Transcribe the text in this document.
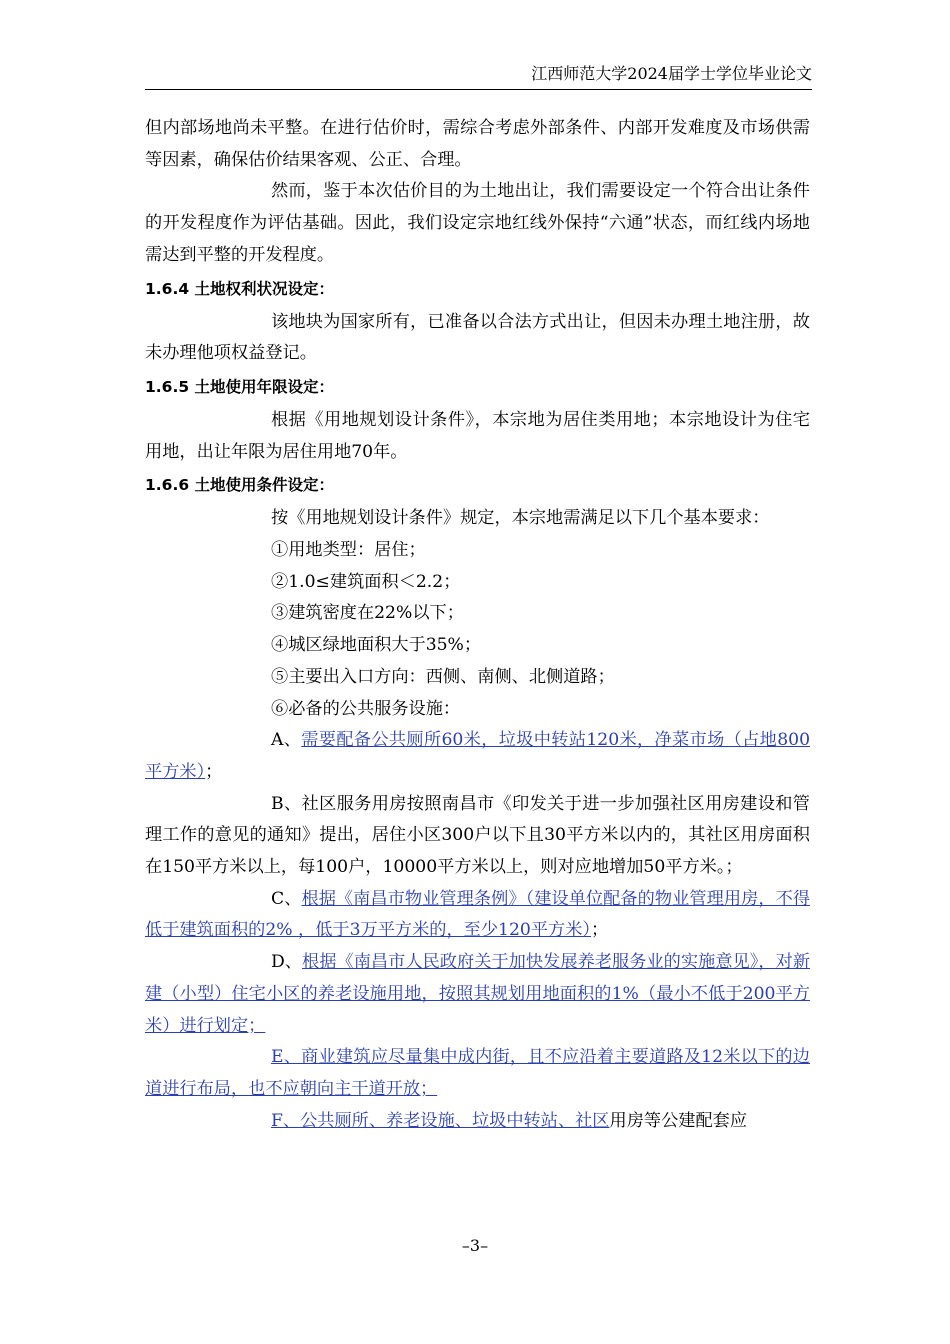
江西师范大学2024届学士学位毕业论文

但内部场地尚未平整。在进行估价时，需综合考虑外部条件、内部开发难度及市场供需等因素，确保估价结果客观、公正、合理。

然而，鉴于本次估价目的为土地出让，我们需要设定一个符合出让条件的开发程度作为评估基础。因此，我们设定宗地红线外保持“六通”状态，而红线内场地需达到平整的开发程度。

1.6.4 土地权利状况设定：

该地块为国家所有，已准备以合法方式出让，但因未办理土地注册，故未办理他项权益登记。

1.6.5 土地使用年限设定：

根据《用地规划设计条件》，本宗地为居住类用地；本宗地设计为住宅用地，出让年限为居住用地70年。

1.6.6 土地使用条件设定：

按《用地规划设计条件》规定，本宗地需满足以下几个基本要求：

①用地类型：居住；

②1.0≤建筑面积＜2.2；

③建筑密度在22%以下；

④城区绿地面积大于35%；

⑤主要出入口方向：西侧、南侧、北侧道路；

⑥必备的公共服务设施：

A、需要配备公共厕所60米，垃圾中转站120米，净菜市场（占地800平方米）；

B、社区服务用房按照南昌市《印发关于进一步加强社区用房建设和管理工作的意见的通知》提出，居住小区300户以下且30平方米以内的，其社区用房面积在150平方米以上，每100户，10000平方米以上，则对应地增加50平方米。；

C、根据《南昌市物业管理条例》（建设单位配备的物业管理用房，不得低于建筑面积的2% ，低于3万平方米的，至少120平方米）；

D、根据《南昌市人民政府关于加快发展养老服务业的实施意见》，对新建（小型）住宅小区的养老设施用地，按照其规划用地面积的1%（最小不低于200平方米）进行划定；

E、商业建筑应尽量集中成内街，且不应沿着主要道路及12米以下的边道进行布局，也不应朝向主干道开放；

F、公共厕所、养老设施、垃圾中转站、社区用房等公建配套应

–3–
